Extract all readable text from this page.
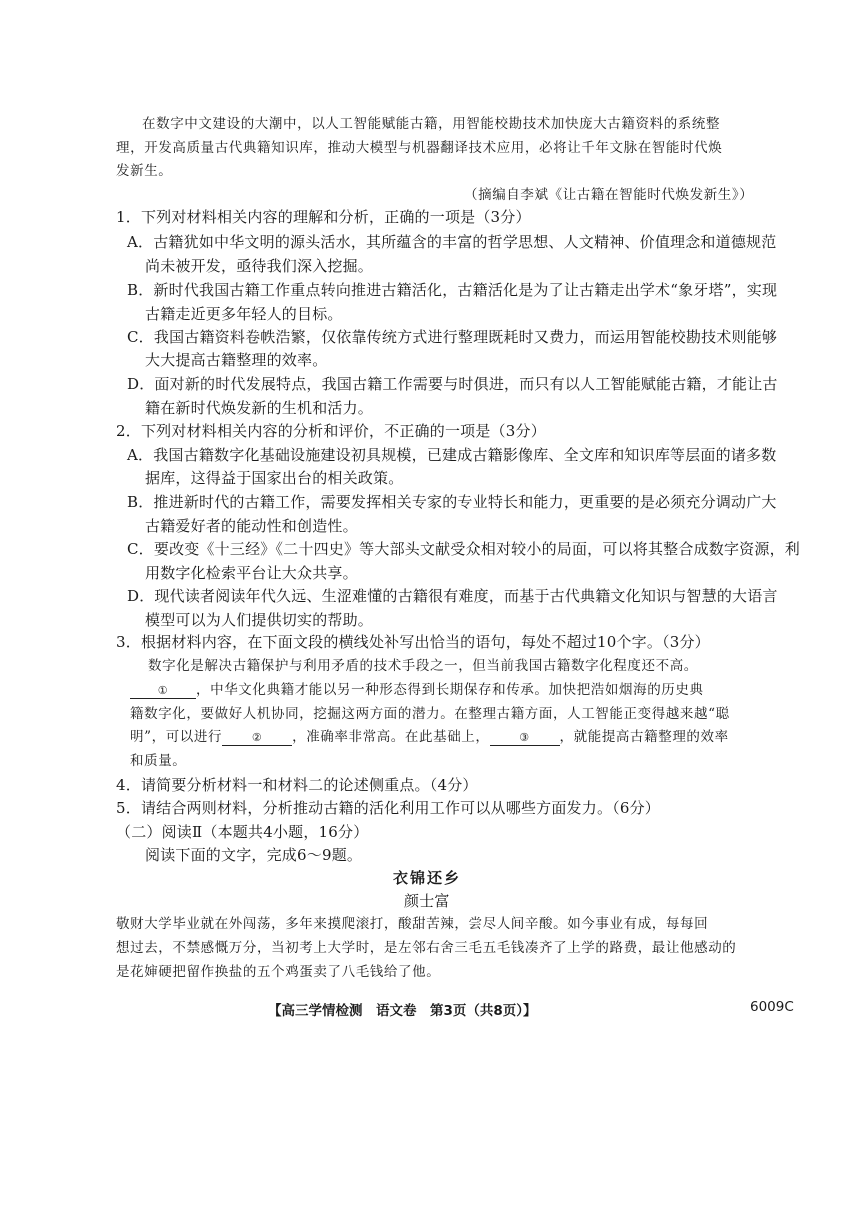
在数字中文建设的大潮中，以人工智能赋能古籍，用智能校勘技术加快庞大古籍资料的系统整
理，开发高质量古代典籍知识库，推动大模型与机器翻译技术应用，必将让千年文脉在智能时代焕
发新生。
（摘编自李斌《让古籍在智能时代焕发新生》）
1．下列对材料相关内容的理解和分析，正确的一项是（3分）
A．古籍犹如中华文明的源头活水，其所蕴含的丰富的哲学思想、人文精神、价值理念和道德规范
尚未被开发，亟待我们深入挖掘。
B．新时代我国古籍工作重点转向推进古籍活化，古籍活化是为了让古籍走出学术“象牙塔”，实现
古籍走近更多年轻人的目标。
C．我国古籍资料卷帙浩繁，仅依靠传统方式进行整理既耗时又费力，而运用智能校勘技术则能够
大大提高古籍整理的效率。
D．面对新的时代发展特点，我国古籍工作需要与时俱进，而只有以人工智能赋能古籍，才能让古
籍在新时代焕发新的生机和活力。
2．下列对材料相关内容的分析和评价，不正确的一项是（3分）
A．我国古籍数字化基础设施建设初具规模，已建成古籍影像库、全文库和知识库等层面的诸多数
据库，这得益于国家出台的相关政策。
B．推进新时代的古籍工作，需要发挥相关专家的专业特长和能力，更重要的是必须充分调动广大
古籍爱好者的能动性和创造性。
C．要改变《十三经》《二十四史》等大部头文献受众相对较小的局面，可以将其整合成数字资源，利
用数字化检索平台让大众共享。
D．现代读者阅读年代久远、生涩难懂的古籍很有难度，而基于古代典籍文化知识与智慧的大语言
模型可以为人们提供切实的帮助。
3．根据材料内容，在下面文段的横线处补写出恰当的语句，每处不超过10个字。（3分）
数字化是解决古籍保护与利用矛盾的技术手段之一，但当前我国古籍数字化程度还不高。
① ，中华文化典籍才能以另一种形态得到长期保存和传承。加快把浩如烟海的历史典
籍数字化，要做好人机协同，挖掘这两方面的潜力。在整理古籍方面，人工智能正变得越来越“聪
明”，可以进行	② ，准确率非常高。在此基础上，	③ ，就能提高古籍整理的效率
和质量。
4．请简要分析材料一和材料二的论述侧重点。（4分）
5．请结合两则材料，分析推动古籍的活化利用工作可以从哪些方面发力。（6分）
（二）阅读Ⅱ（本题共4小题，16分）
阅读下面的文字，完成6～9题。
衣锦还乡
颜士富
敬财大学毕业就在外闯荡，多年来摸爬滚打，酸甜苦辣，尝尽人间辛酸。如今事业有成，每每回
想过去，不禁感慨万分，当初考上大学时，是左邻右舍三毛五毛钱凑齐了上学的路费，最让他感动的
是花婶硬把留作换盐的五个鸡蛋卖了八毛钱给了他。
【高三学情检测　语文卷　第3页（共8页）】	6009C
